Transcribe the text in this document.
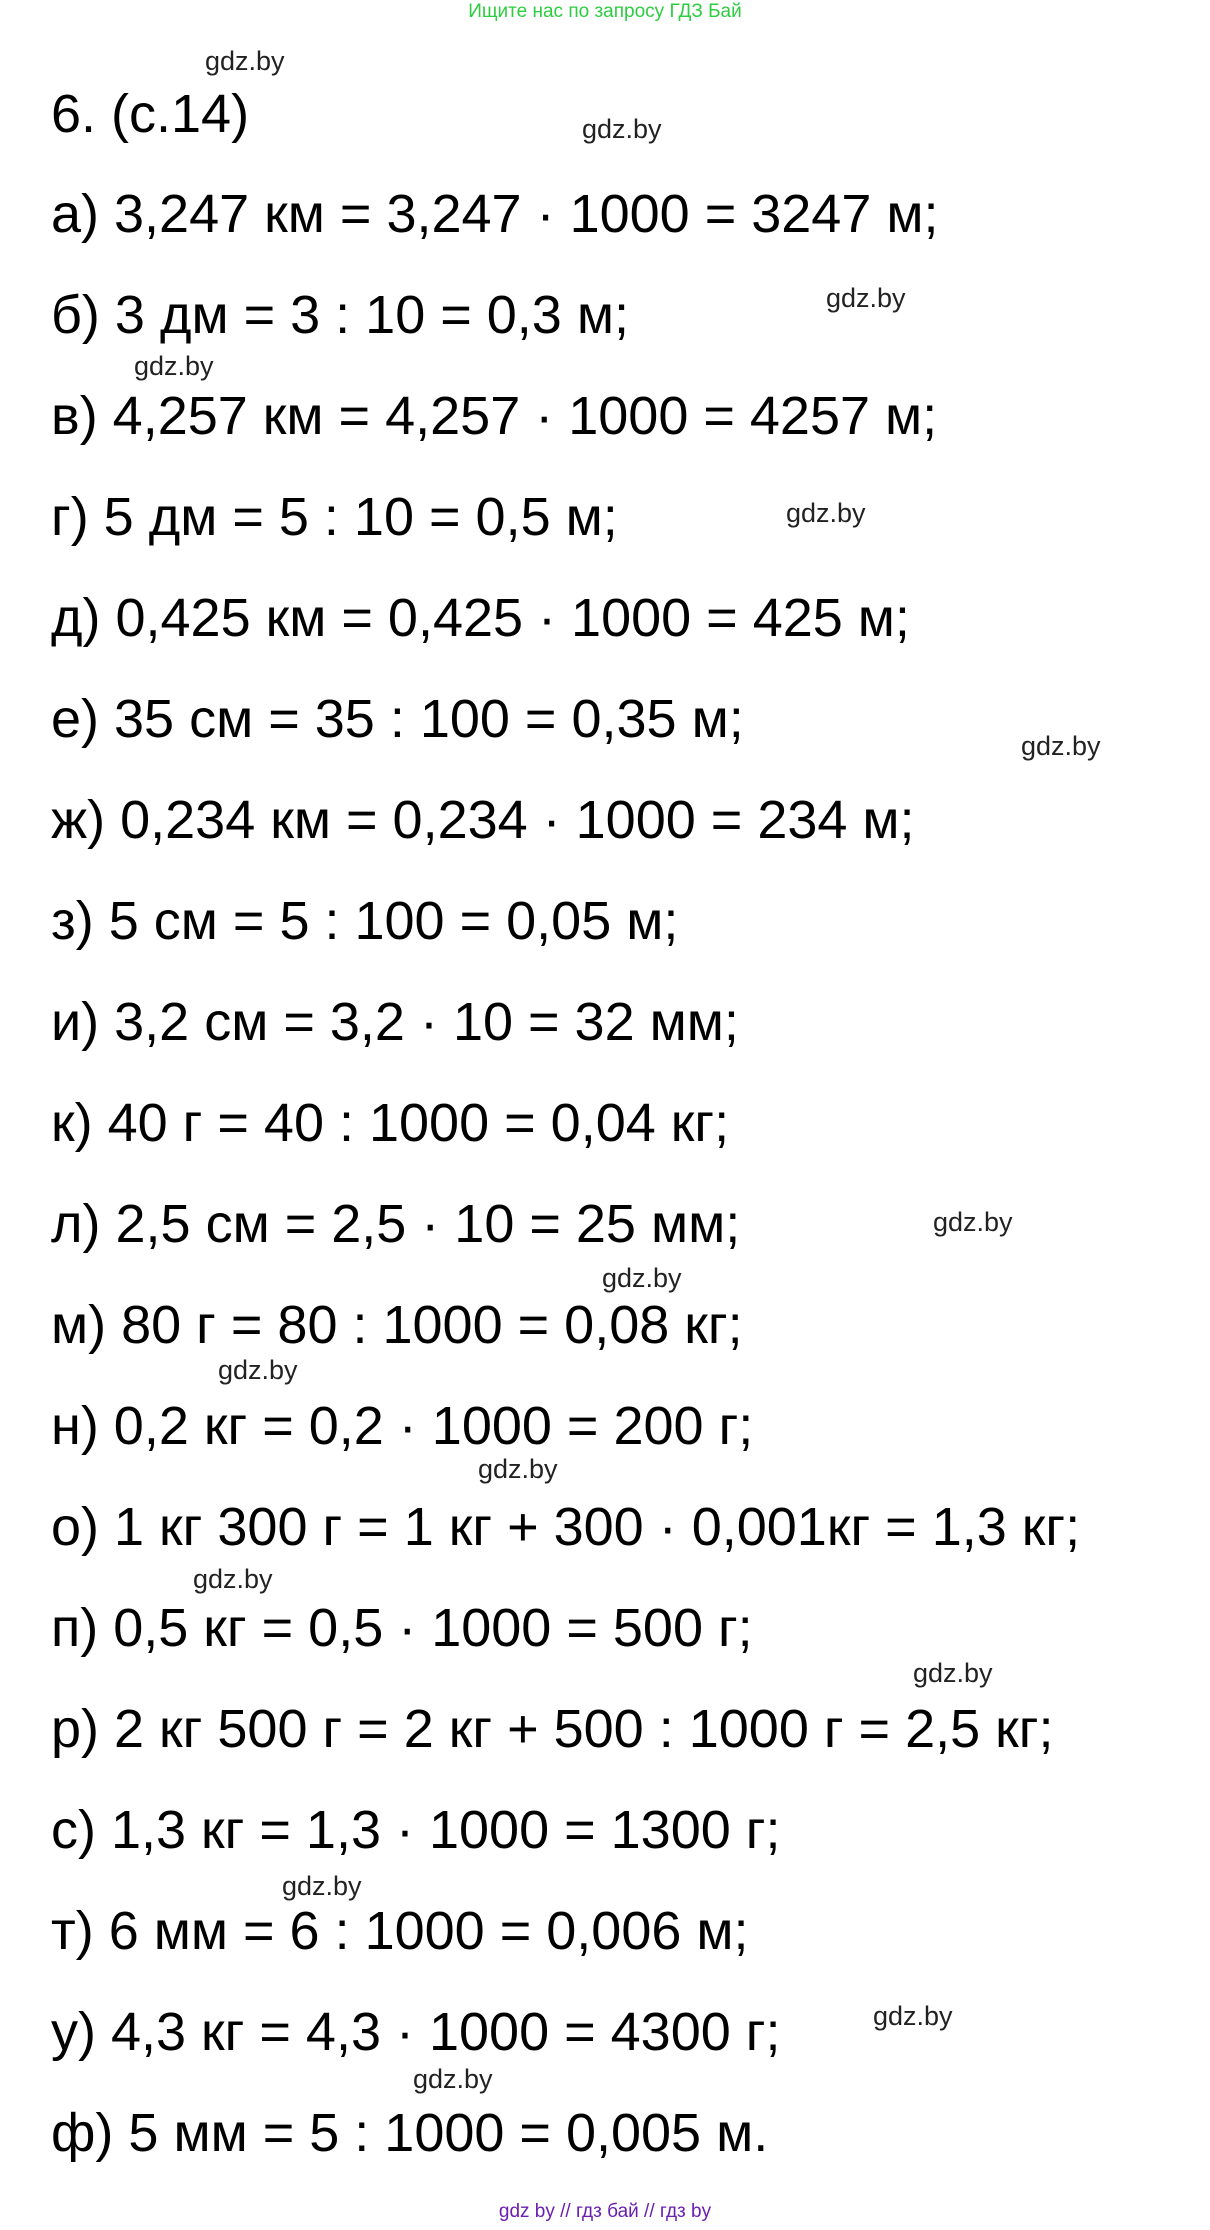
Ищите нас по запросу ГДЗ Бай
6. (с.14)
а) 3,247 км = 3,247 · 1000 = 3247 м;
б) 3 дм = 3 : 10 = 0,3 м;
в) 4,257 км = 4,257 · 1000 = 4257 м;
г) 5 дм = 5 : 10 = 0,5 м;
д) 0,425 км = 0,425 · 1000 = 425 м;
е) 35 см = 35 : 100 = 0,35 м;
ж) 0,234 км = 0,234 · 1000 = 234 м;
з) 5 см = 5 : 100 = 0,05 м;
и) 3,2 см = 3,2 · 10 = 32 мм;
к) 40 г = 40 : 1000 = 0,04 кг;
л) 2,5 см = 2,5 · 10 = 25 мм;
м) 80 г = 80 : 1000 = 0,08 кг;
н) 0,2 кг = 0,2 · 1000 = 200 г;
о) 1 кг 300 г = 1 кг + 300 · 0,001кг = 1,3 кг;
п) 0,5 кг = 0,5 · 1000 = 500 г;
р) 2 кг 500 г = 2 кг + 500 : 1000 г = 2,5 кг;
с) 1,3 кг = 1,3 · 1000 = 1300 г;
т) 6 мм = 6 : 1000 = 0,006 м;
у) 4,3 кг = 4,3 · 1000 = 4300 г;
ф) 5 мм = 5 : 1000 = 0,005 м.
gdz.by
gdz.by
gdz.by
gdz.by
gdz.by
gdz.by
gdz.by
gdz.by
gdz.by
gdz.by
gdz.by
gdz.by
gdz.by
gdz.by
gdz.by
gdz by // гдз бай // гдз by
